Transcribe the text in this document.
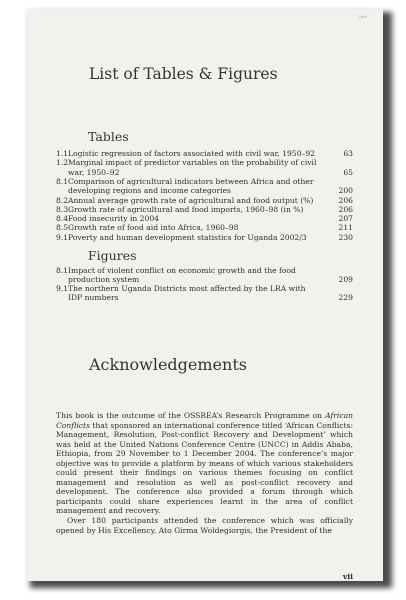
Table
List of Tables & Figures
Tables
1.1 Logistic regression of factors associated with civil war, 1950–92	63
1.2 Marginal impact of predictor variables on the probability of civil
war, 1950–92	65
8.1 Comparison of agricultural indicators between Africa and other
developing regions and income categories	200
8.2 Annual average growth rate of agricultural and food output (%)	206
8.3 Growth rate of agricultural and food imports, 1960–98 (in %)	206
8.4 Food insecurity in 2004	207
8.5 Growth rate of food aid into Africa, 1960–98	211
9.1 Poverty and human development statistics for Uganda 2002/3	230
Figures
8.1 Impact of violent conflict on economic growth and the food
production system	209
9.1 The northern Uganda Districts most affected by the LRA with
IDP numbers	229
Acknowledgements

This book is the outcome of the OSSREA’s Research Programme on African Conflicts that sponsored an international conference titled ‘African Conflicts: Management, Resolution, Post-conflict Recovery and Development’ which was held at the United Nations Conference Centre (UNCC) in Addis Ababa, Ethiopia, from 29 November to 1 December 2004. The conference’s major objective was to provide a platform by means of which various stakeholders could present their findings on various themes focusing on conflict management and resolution as well as post-conflict recovery and development. The conference also provided a forum through which participants could share experiences learnt in the area of conflict management and recovery.

Over 180 participants attended the conference which was officially opened by His Excellency, Ato Girma Woldegiorgis, the President of the

vii
